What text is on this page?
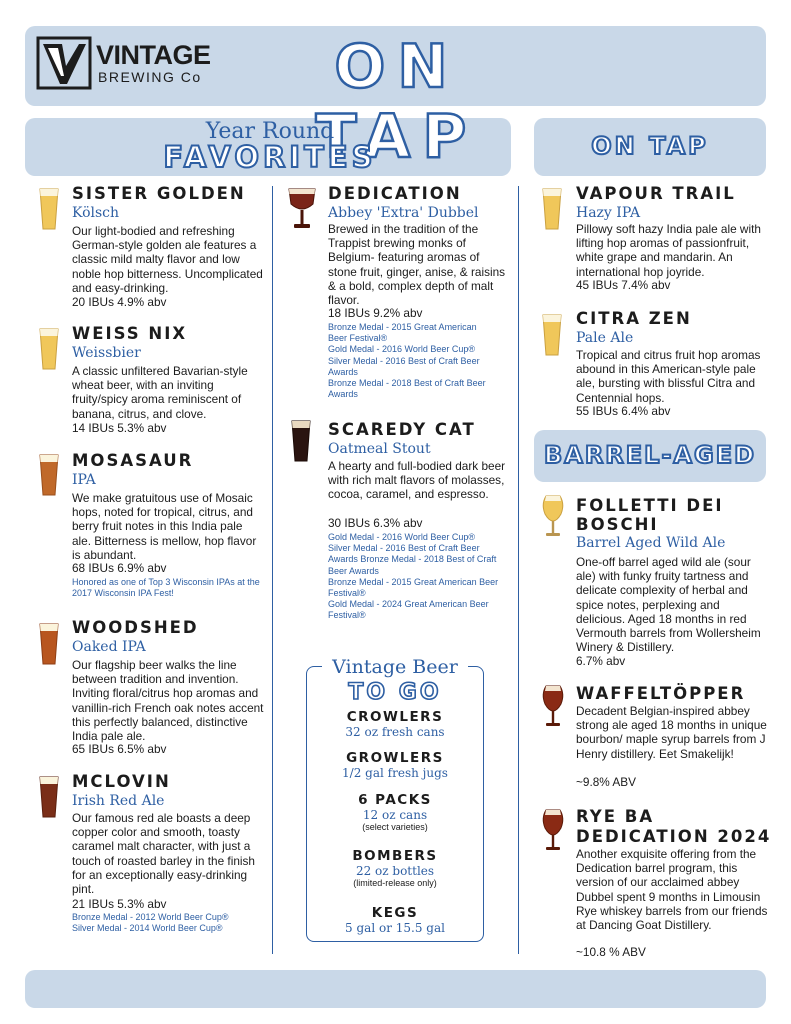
VINTAGE
BREWING Co	ON TAP
Year Round
FAVORITES	ON TAP
BARREL-AGED
SISTER GOLDEN
Kölsch
Our light-bodied and refreshing German-style golden ale features a classic mild malty flavor and low noble hop bitterness. Uncomplicated and easy-drinking.
20 IBUs 4.9% abv
WEISS NIX
Weissbier
A classic unfiltered Bavarian-style wheat beer, with an inviting fruity/spicy aroma reminiscent of banana, citrus, and clove.
14 IBUs 5.3% abv
MOSASAUR
IPA
We make gratuitous use of Mosaic hops, noted for tropical, citrus, and berry fruit notes in this India pale ale. Bitterness is mellow, hop flavor is abundant.
68 IBUs 6.9% abv
Honored as one of Top 3 Wisconsin IPAs at the 2017 Wisconsin IPA Fest!
WOODSHED
Oaked IPA
Our flagship beer walks the line between tradition and invention. Inviting floral/citrus hop aromas and vanillin-rich French oak notes accent this perfectly balanced, distinctive India pale ale.
65 IBUs 6.5% abv
MCLOVIN
Irish Red Ale
Our famous red ale boasts a deep copper color and smooth, toasty caramel malt character, with just a touch of roasted barley in the finish for an exceptionally easy-drinking pint.
21 IBUs 5.3% abv
Bronze Medal - 2012 World Beer Cup®
Silver Medal - 2014 World Beer Cup®
DEDICATION
Abbey 'Extra' Dubbel
Brewed in the tradition of the Trappist brewing monks of Belgium- featuring aromas of stone fruit, ginger, anise, & raisins & a bold, complex depth of malt flavor.
18 IBUs 9.2% abv
Bronze Medal - 2015 Great American Beer Festival®
Gold Medal - 2016 World Beer Cup®
Silver Medal - 2016 Best of Craft Beer Awards
Bronze Medal - 2018 Best of Craft Beer Awards
SCAREDY CAT
Oatmeal Stout
A hearty and full-bodied dark beer with rich malt flavors of molasses, cocoa, caramel, and espresso.
30 IBUs 6.3% abv
Gold Medal - 2016 World Beer Cup®
Silver Medal - 2016 Best of Craft Beer Awards Bronze Medal - 2018 Best of Craft Beer Awards
Bronze Medal - 2015 Great American Beer Festival®
Gold Medal - 2024 Great American Beer Festival®
Vintage Beer
TO GO
CROWLERS
32 oz fresh cans
GROWLERS
1/2 gal fresh jugs
6 PACKS
12 oz cans
(select varieties)
BOMBERS
22 oz bottles
(limited-release only)
KEGS
5 gal or 15.5 gal
VAPOUR TRAIL
Hazy IPA
Pillowy soft hazy India pale ale with lifting hop aromas of passionfruit, white grape and mandarin. An international hop joyride.
45 IBUs 7.4% abv
CITRA ZEN
Pale Ale
Tropical and citrus fruit hop aromas abound in this American-style pale ale, bursting with blissful Citra and Centennial hops.
55 IBUs 6.4% abv
FOLLETTI DEI
BOSCHI
Barrel Aged Wild Ale
One-off barrel aged wild ale (sour ale) with funky fruity tartness and delicate complexity of herbal and spice notes, perplexing and delicious. Aged 18 months in red Vermouth barrels from Wollersheim Winery & Distillery.
6.7% abv
WAFFELTÖPPER
Decadent Belgian-inspired abbey strong ale aged 18 months in unique bourbon/ maple syrup barrels from J Henry distillery. Eet Smakelijk!
~9.8% ABV
RYE BA
DEDICATION 2024
Another exquisite offering from the Dedication barrel program, this version of our acclaimed abbey Dubbel spent 9 months in Limousin Rye whiskey barrels from our friends at Dancing Goat Distillery.
~10.8 % ABV
